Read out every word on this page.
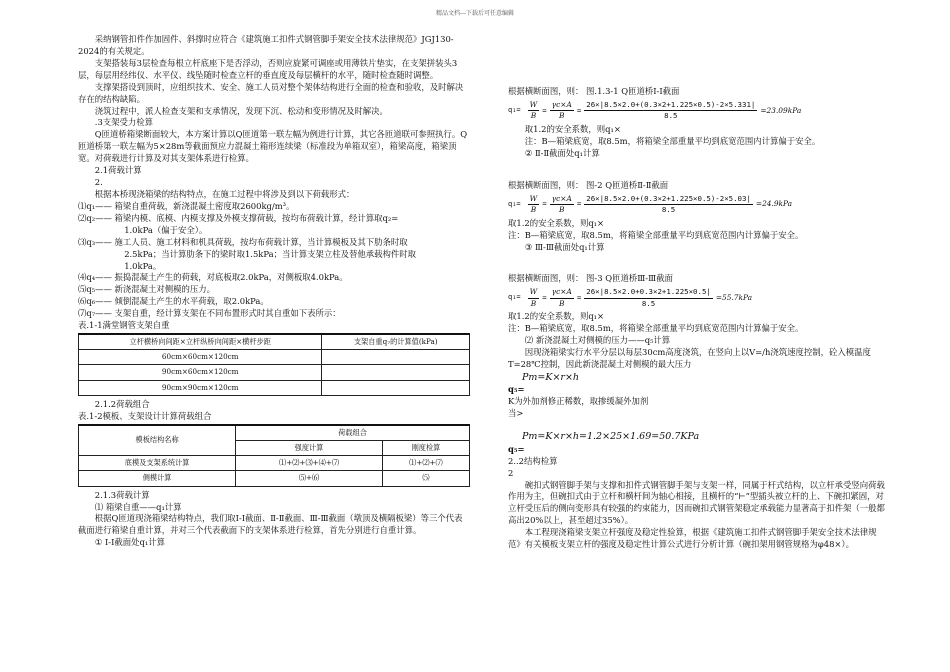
精品文档---下载后可任意编辑

采纳钢管扣件作加固件、斜撑时应符合《建筑施工扣件式钢管脚手架安全技术法律规范》JGJ130-2024的有关规定。

支架搭装每3层检查每根立杆底座下是否浮动，否则应旋紧可调座或用薄铁片垫实，在支架拼装头3层，每层用经纬仪、水平仪、线坠随时检查立杆的垂直度及每层横杆的水平，随时检查随时调整。

支撑架搭设到顶时，应组织技术、安全、施工人员对整个架体结构进行全面的检查和验收，及时解决存在的结构缺陷。

浇筑过程中，派人检查支架和支承情况，发现下沉、松动和变形情况及时解决。

.3支架受力检算

Q匝道桥箱梁断面较大，本方案计算以Q匝道第一联左幅为例进行计算，其它各匝道联可参照执行。Q匝道桥第一联左幅为5×28m等截面预应力混凝土箱形连续梁（标准段为单箱双室），箱梁高度，箱梁顶宽。对荷载进行计算及对其支架体系进行检算。

2.1荷载计算

2.

根据本桥现浇箱梁的结构特点，在施工过程中将涉及到以下荷载形式：

⑴q₁—— 箱梁自重荷载，新浇混凝土密度取2600kg/m³。

⑵q₂—— 箱梁内模、底模、内模支撑及外模支撑荷载，按均布荷载计算，经计算取q₂=

1.0kPa（偏于安全）。

⑶q₃—— 施工人员、施工材料和机具荷载，按均布荷载计算，当计算模板及其下肋条时取

2.5kPa；当计算肋条下的梁时取1.5kPa；当计算支架立柱及替他承载构件时取

1.0kPa。

⑷q₄—— 振捣混凝土产生的荷载，对底板取2.0kPa，对侧板取4.0kPa。

⑸q₅—— 新浇混凝土对侧模的压力。

⑹q₆—— 倾倒混凝土产生的水平荷载，取2.0kPa。

⑺q₇—— 支架自重，经计算支架在不同布置形式时其自重如下表所示：

表.1-1满堂钢管支架自重

立杆横桥向间距×立杆纵桥向间距×横杆步距	支架自重q₇的计算值(kPa)
60cm×60cm×120cm	
90cm×60cm×120cm	
90cm×90cm×120cm	

2.1.2荷载组合

表.1-2模板、支架设计计算荷载组合

模板结构名称	荷载组合	
	强度计算	刚度检算
底模及支架系统计算	⑴+⑵+⑶+⑷+⑺	⑴+⑵+⑺
侧模计算	⑸+⑹	⑸

2.1.3荷载计算

⑴ 箱梁自重——q₁计算

根据Q匝道现浇箱梁结构特点，我们取Ⅰ-Ⅰ截面、Ⅱ-Ⅱ截面、Ⅲ-Ⅲ截面（墩顶及横隔板梁）等三个代表截面进行箱梁自重计算，并对三个代表截面下的支架体系进行检算，首先分别进行自重计算。

① Ⅰ-Ⅰ截面处q₁计算

根据横断面图，则： 图.1.3-1 Q匝道桥Ⅰ-Ⅰ截面

$q_1= \frac{W}{B} = \frac{\gamma c\times A}{B} = \frac{26\times|8.5\times 2.0+(0.3\times 2+1.225\times 0.5)-2\times 5.331|}{8.5} =23.09kPa$

取1.2的安全系数，则q₁×

注：B—箱梁底宽，取8.5m，将箱梁全部重量平均到底宽范围内计算偏于安全。

② Ⅱ-Ⅱ截面处q₁计算

根据横断面图，则： 图-2 Q匝道桥Ⅱ-Ⅱ截面

$q_1= \frac{W}{B} = \frac{\gamma c\times A}{B} = \frac{26\times|8.5\times 2.0+(0.3\times 2+1.225\times 0.5)-2\times 5.03|}{8.5} =24.9kPa$

取1.2的安全系数，则q₁×

注：B—箱梁底宽，取8.5m，将箱梁全部重量平均到底宽范围内计算偏于安全。

③ Ⅲ-Ⅲ截面处q₁计算

根据横断面图，则： 图-3 Q匝道桥Ⅲ-Ⅲ截面

$q_1= \frac{W}{B} = \frac{\gamma c\times A}{B} = \frac{26\times|8.5\times 2.0+0.3\times 2+1.225\times 0.5|}{8.5} =55.7kPa$

取1.2的安全系数，则q₁×

注：B—箱梁底宽，取8.5m，将箱梁全部重量平均到底宽范围内计算偏于安全。

⑵ 新浇混凝土对侧模的压力——q₅计算

因现浇箱梁实行水平分层以每层30cm高度浇筑，在竖向上以V=/h浇筑速度控制，砼入模温度T=28℃控制，因此新浇混凝土对侧模的最大压力

Pm=K×r×h

q₅=

K为外加剂修正稀数，取掺缓凝外加剂

当>

Pm=K×r×h=1.2×25×1.69=50.7KPa

q₅=

2..2结构检算

2

碗扣式钢管脚手架与支撑和扣件式钢管脚手架与支架一样，同属于杆式结构，以立杆承受竖向荷载作用为主，但碗扣式由于立杆和横杆间为轴心相接，且横杆的“⊢”型插头被立杆的上、下碗扣紧固，对立杆受压后的侧向变形具有较强的约束能力，因而碗扣式钢管架稳定承载能力显著高于扣件架（一般都高出20%以上，甚至超过35%）。

本工程现浇箱梁支架立杆强度及稳定性验算，根据《建筑施工扣件式钢管脚手架安全技术法律规范》有关模板支架立杆的强度及稳定性计算公式进行分析计算（碗扣架用钢管规格为φ48×）。
